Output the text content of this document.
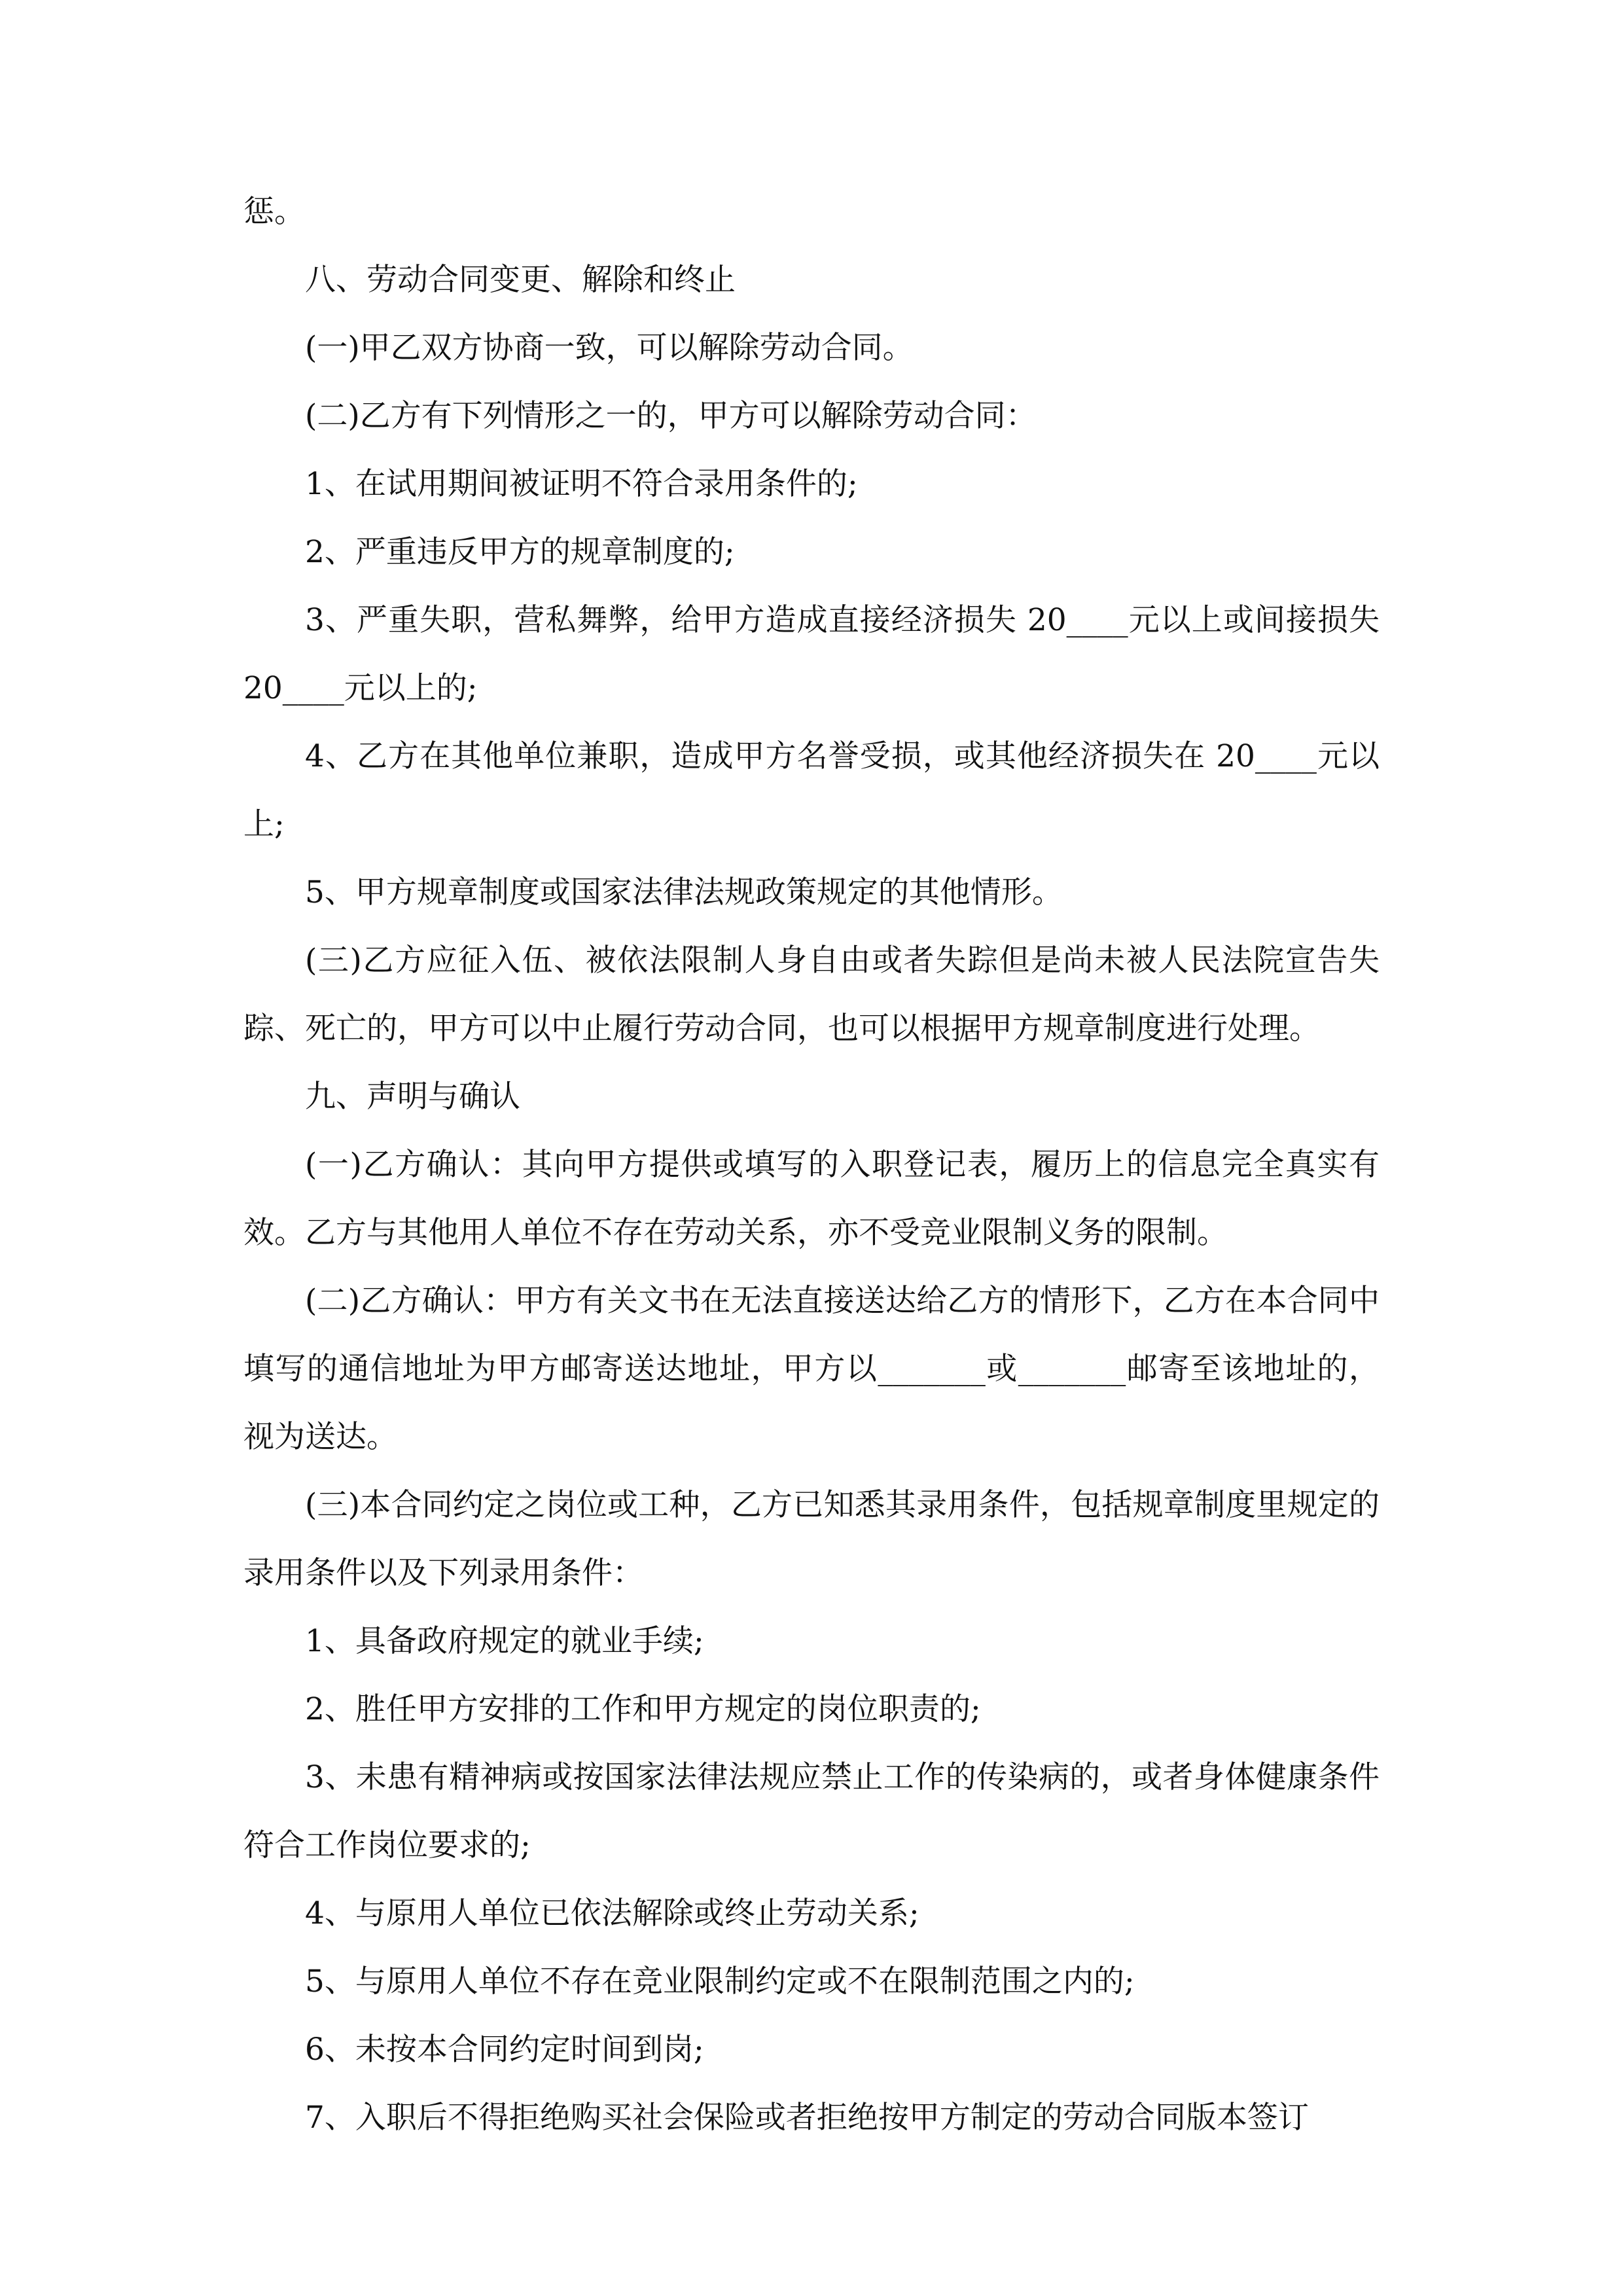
惩。

八、劳动合同变更、解除和终止

(一)甲乙双方协商一致，可以解除劳动合同。

(二)乙方有下列情形之一的，甲方可以解除劳动合同：

1、在试用期间被证明不符合录用条件的;

2、严重违反甲方的规章制度的;

3、严重失职，营私舞弊，给甲方造成直接经济损失 20____元以上或间接损失 20____元以上的;

4、乙方在其他单位兼职，造成甲方名誉受损，或其他经济损失在 20____元以上;

5、甲方规章制度或国家法律法规政策规定的其他情形。

(三)乙方应征入伍、被依法限制人身自由或者失踪但是尚未被人民法院宣告失踪、死亡的，甲方可以中止履行劳动合同，也可以根据甲方规章制度进行处理。

九、声明与确认

(一)乙方确认：其向甲方提供或填写的入职登记表，履历上的信息完全真实有效。乙方与其他用人单位不存在劳动关系，亦不受竞业限制义务的限制。

(二)乙方确认：甲方有关文书在无法直接送达给乙方的情形下，乙方在本合同中填写的通信地址为甲方邮寄送达地址，甲方以_______或_______邮寄至该地址的，视为送达。

(三)本合同约定之岗位或工种，乙方已知悉其录用条件，包括规章制度里规定的录用条件以及下列录用条件：

1、具备政府规定的就业手续;

2、胜任甲方安排的工作和甲方规定的岗位职责的;

3、未患有精神病或按国家法律法规应禁止工作的传染病的，或者身体健康条件符合工作岗位要求的;

4、与原用人单位已依法解除或终止劳动关系;

5、与原用人单位不存在竞业限制约定或不在限制范围之内的;

6、未按本合同约定时间到岗;

7、入职后不得拒绝购买社会保险或者拒绝按甲方制定的劳动合同版本签订
